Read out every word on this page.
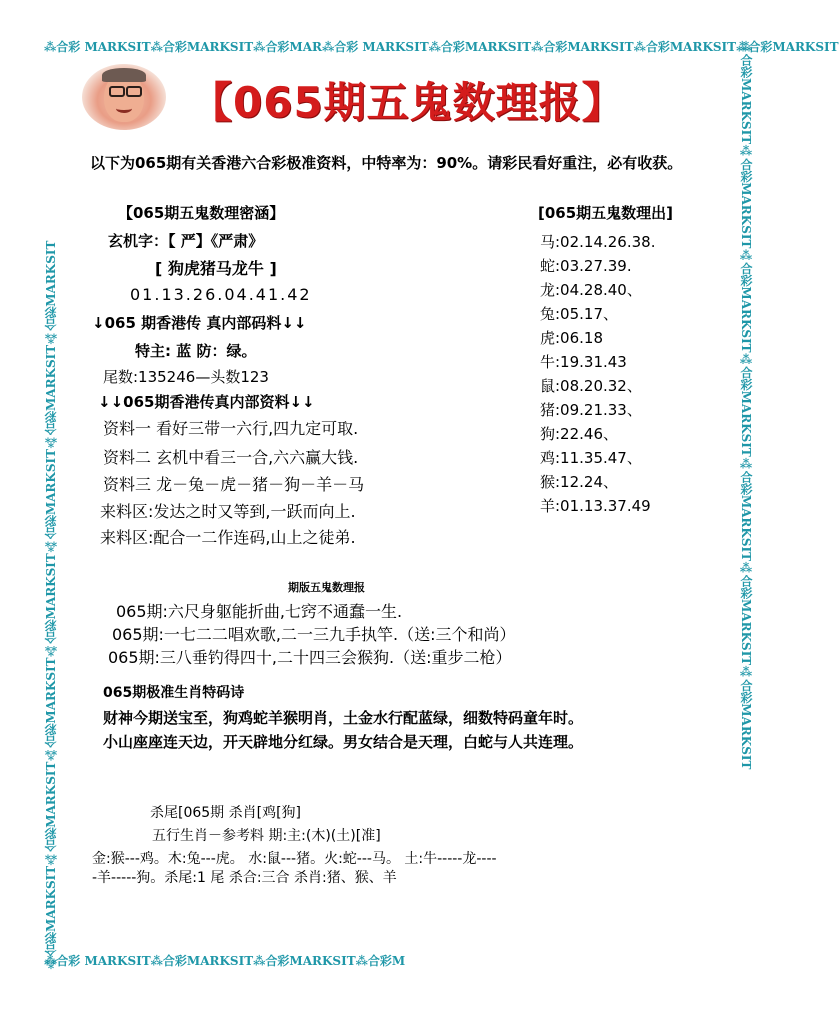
⁂合彩 MARKSIT⁂合彩MARKSIT⁂合彩MAR⁂合彩 MARKSIT⁂合彩MARKSIT⁂合彩MARKSIT⁂合彩MARKSIT⁂合彩MARKSIT
⁂合彩MARKSIT⁂合彩MARKSIT⁂合彩MARKSIT⁂合彩MARKSIT⁂合彩MARKSIT⁂合彩MARKSIT⁂合彩MARKSIT	⁂合彩MARKSIT⁂合彩MARKSIT⁂合彩MARKSIT⁂合彩MARKSIT⁂合彩MARKSIT⁂合彩MARKSIT⁂合彩MARKSIT
⁂合彩 MARKSIT⁂合彩MARKSIT⁂合彩MARKSIT⁂合彩M
【065期五鬼数理报】
以下为065期有关香港六合彩极准资料，中特率为：90%。请彩民看好重注，必有收获。
【065期五鬼数理密涵】
玄机字：【 严】《严肃》
[ 狗虎猪马龙牛 ]
01.13.26.04.41.42
↓065 期香港传 真内部码料↓↓
特主: 蓝 防：绿。
尾数:135246—头数123
↓↓065期香港传真内部资料↓↓
资料一 看好三带一六行,四九定可取.
资料二 玄机中看三一合,六六赢大钱.
资料三 龙－兔－虎－猪－狗－羊－马
来料区:发达之时又等到,一跃而向上.
来料区:配合一二作连码,山上之徒弟.
[065期五鬼数理出]
马:02.14.26.38.
蛇:03.27.39.
龙:04.28.40、
兔:05.17、
虎:06.18
牛:19.31.43
鼠:08.20.32、
猪:09.21.33、
狗:22.46、
鸡:11.35.47、
猴:12.24、
羊:01.13.37.49
期版五鬼数理报
065期:六尺身躯能折曲,七窍不通蠢一生.
065期:一七二二唱欢歌,二一三九手执竿.（送:三个和尚）
065期:三八垂钓得四十,二十四三会猴狗.（送:重步二枪）
065期极准生肖特码诗
财神今期送宝至，狗鸡蛇羊猴明肖，土金水行配蓝绿，细数特码童年时。
小山座座连天边，开天辟地分红绿。男女结合是天理，白蛇与人共连理。
杀尾[065期 杀肖[鸡[狗]
五行生肖－参考料 期:主:(木)(土)[准]
金:猴---鸡。木:兔---虎。 水:鼠---猪。火:蛇---马。 土:牛-----龙----
-羊-----狗。杀尾:1 尾 杀合:三合 杀肖:猪、猴、羊
